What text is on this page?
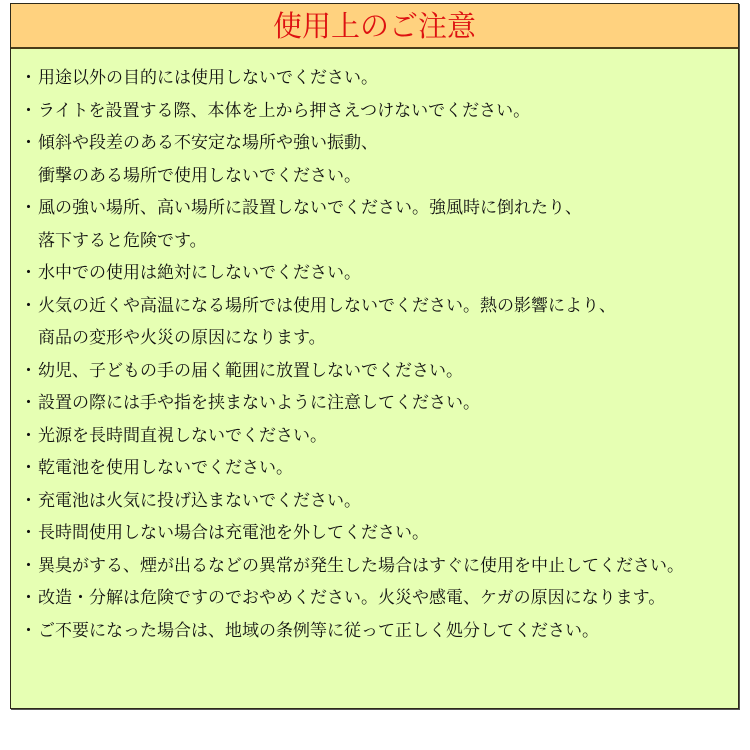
使用上のご注意
・ 用途以外の目的には使用しないでください。
・ ライトを設置する際、本体を上から押さえつけないでください。
・ 傾斜や段差のある不安定な場所や強い振動、
衝撃のある場所で使用しないでください。
・ 風の強い場所、高い場所に設置しないでください。強風時に倒れたり、
落下すると危険です。
・ 水中での使用は絶対にしないでください。
・ 火気の近くや高温になる場所では使用しないでください。熱の影響により、
商品の変形や火災の原因になります。
・ 幼児、子どもの手の届く範囲に放置しないでください。
・ 設置の際には手や指を挟まないように注意してください。
・ 光源を長時間直視しないでください。
・ 乾電池を使用しないでください。
・ 充電池は火気に投げ込まないでください。
・ 長時間使用しない場合は充電池を外してください。
・ 異臭がする、煙が出るなどの異常が発生した場合はすぐに使用を中止してください。
・ 改造・分解は危険ですのでおやめください。火災や感電、ケガの原因になります。
・ ご不要になった場合は、地域の条例等に従って正しく処分してください。
